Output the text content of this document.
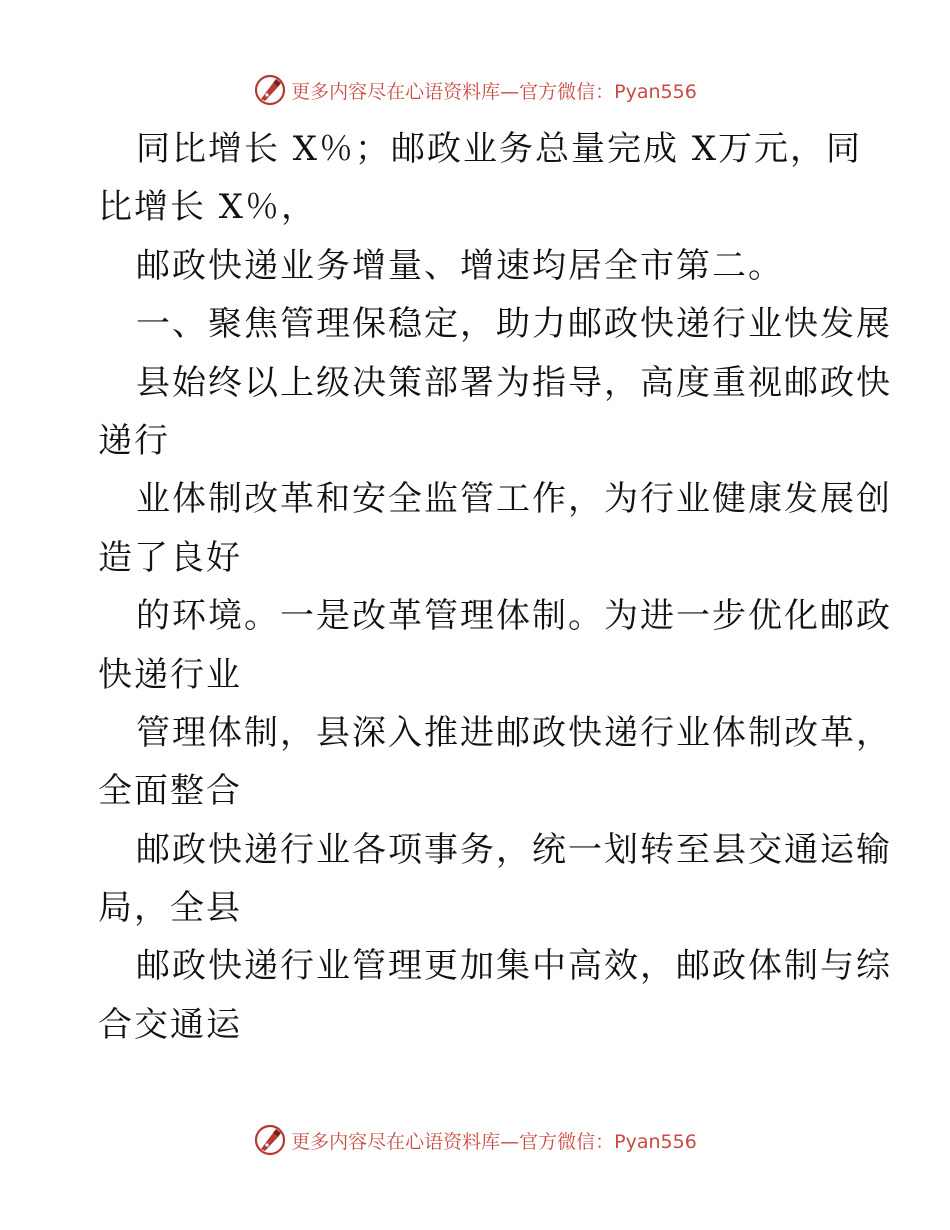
更多内容尽在心语资料库—官方微信：Pyan556
同比增长 X％；邮政业务总量完成 X万元，同
比增长 X％，
邮政快递业务增量、增速均居全市第二。
一、聚焦管理保稳定，助力邮政快递行业快发展
县始终以上级决策部署为指导，高度重视邮政快
递行
业体制改革和安全监管工作，为行业健康发展创
造了良好
的环境。一是改革管理体制。为进一步优化邮政
快递行业
管理体制，县深入推进邮政快递行业体制改革，
全面整合
邮政快递行业各项事务，统一划转至县交通运输
局，全县
邮政快递行业管理更加集中高效，邮政体制与综
合交通运
更多内容尽在心语资料库—官方微信：Pyan556
